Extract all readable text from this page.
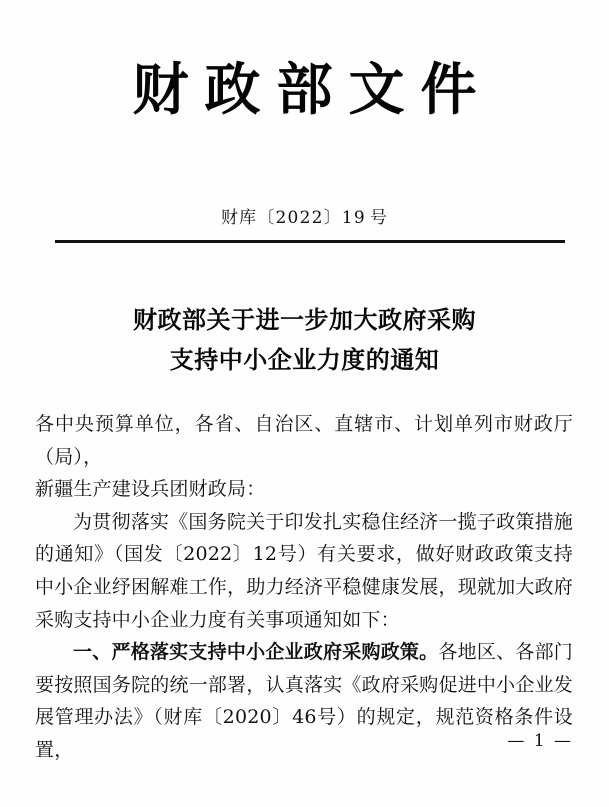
财政部文件
财库〔2022〕19 号
财政部关于进一步加大政府采购
支持中小企业力度的通知

各中央预算单位，各省、自治区、直辖市、计划单列市财政厅（局），

新疆生产建设兵团财政局：

为贯彻落实《国务院关于印发扎实稳住经济一揽子政策措施的通知》（国发〔2022〕12号）有关要求，做好财政政策支持中小企业纾困解难工作，助力经济平稳健康发展，现就加大政府采购支持中小企业力度有关事项通知如下：

一、严格落实支持中小企业政府采购政策。各地区、各部门要按照国务院的统一部署，认真落实《政府采购促进中小企业发展管理办法》（财库〔2020〕46号）的规定，规范资格条件设置，	— 1 —
